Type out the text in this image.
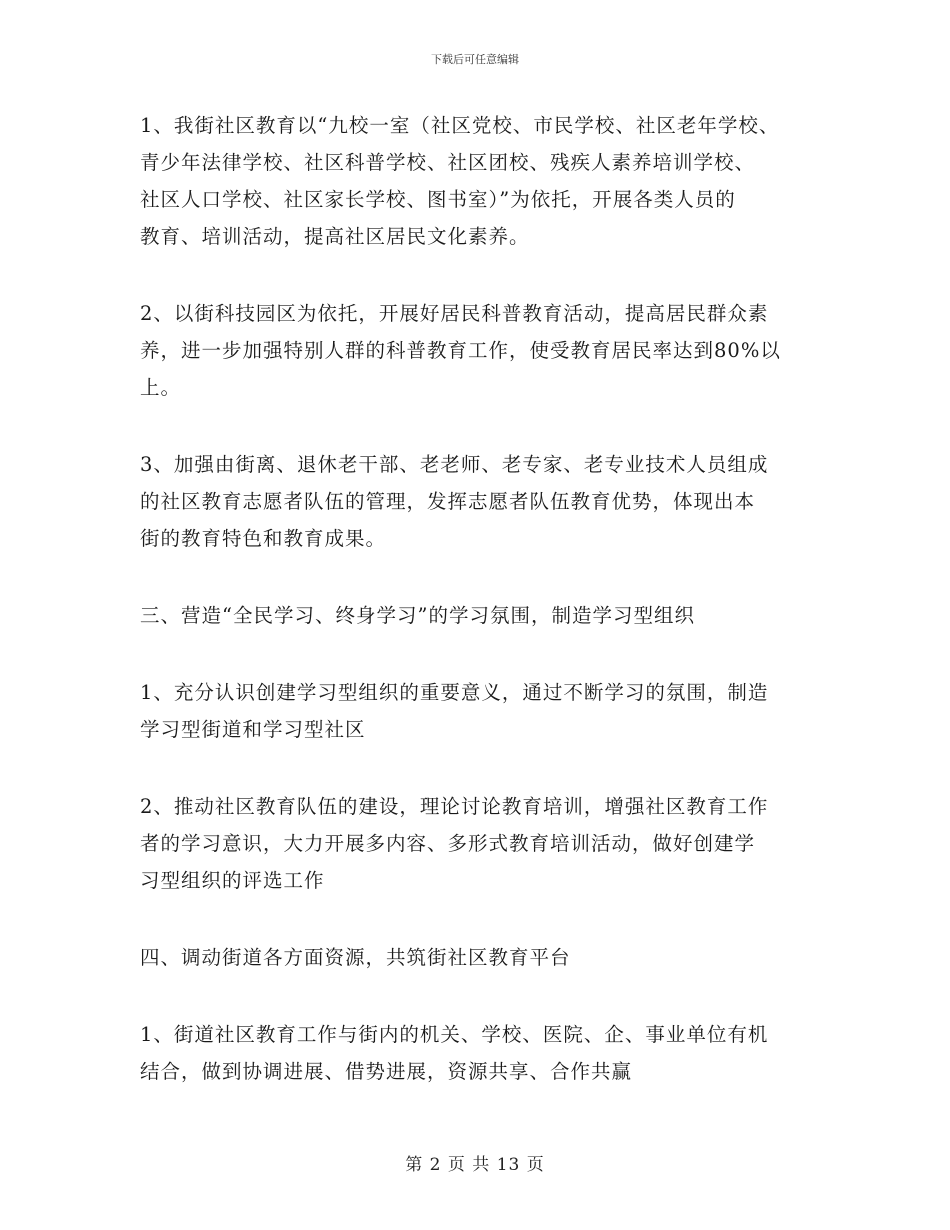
下载后可任意编辑

1、我街社区教育以“九校一室（社区党校、市民学校、社区老年学校、
青少年法律学校、社区科普学校、社区团校、残疾人素养培训学校、
社区人口学校、社区家长学校、图书室）”为依托，开展各类人员的
教育、培训活动，提高社区居民文化素养。

2、以街科技园区为依托，开展好居民科普教育活动，提高居民群众素
养，进一步加强特别人群的科普教育工作，使受教育居民率达到80%以
上。

3、加强由街离、退休老干部、老老师、老专家、老专业技术人员组成
的社区教育志愿者队伍的管理，发挥志愿者队伍教育优势，体现出本
街的教育特色和教育成果。

三、营造“全民学习、终身学习”的学习氛围，制造学习型组织

1、充分认识创建学习型组织的重要意义，通过不断学习的氛围，制造
学习型街道和学习型社区

2、推动社区教育队伍的建设，理论讨论教育培训，增强社区教育工作
者的学习意识，大力开展多内容、多形式教育培训活动，做好创建学
习型组织的评选工作

四、调动街道各方面资源，共筑街社区教育平台

1、街道社区教育工作与街内的机关、学校、医院、企、事业单位有机
结合，做到协调进展、借势进展，资源共享、合作共赢

第 2 页 共 13 页
